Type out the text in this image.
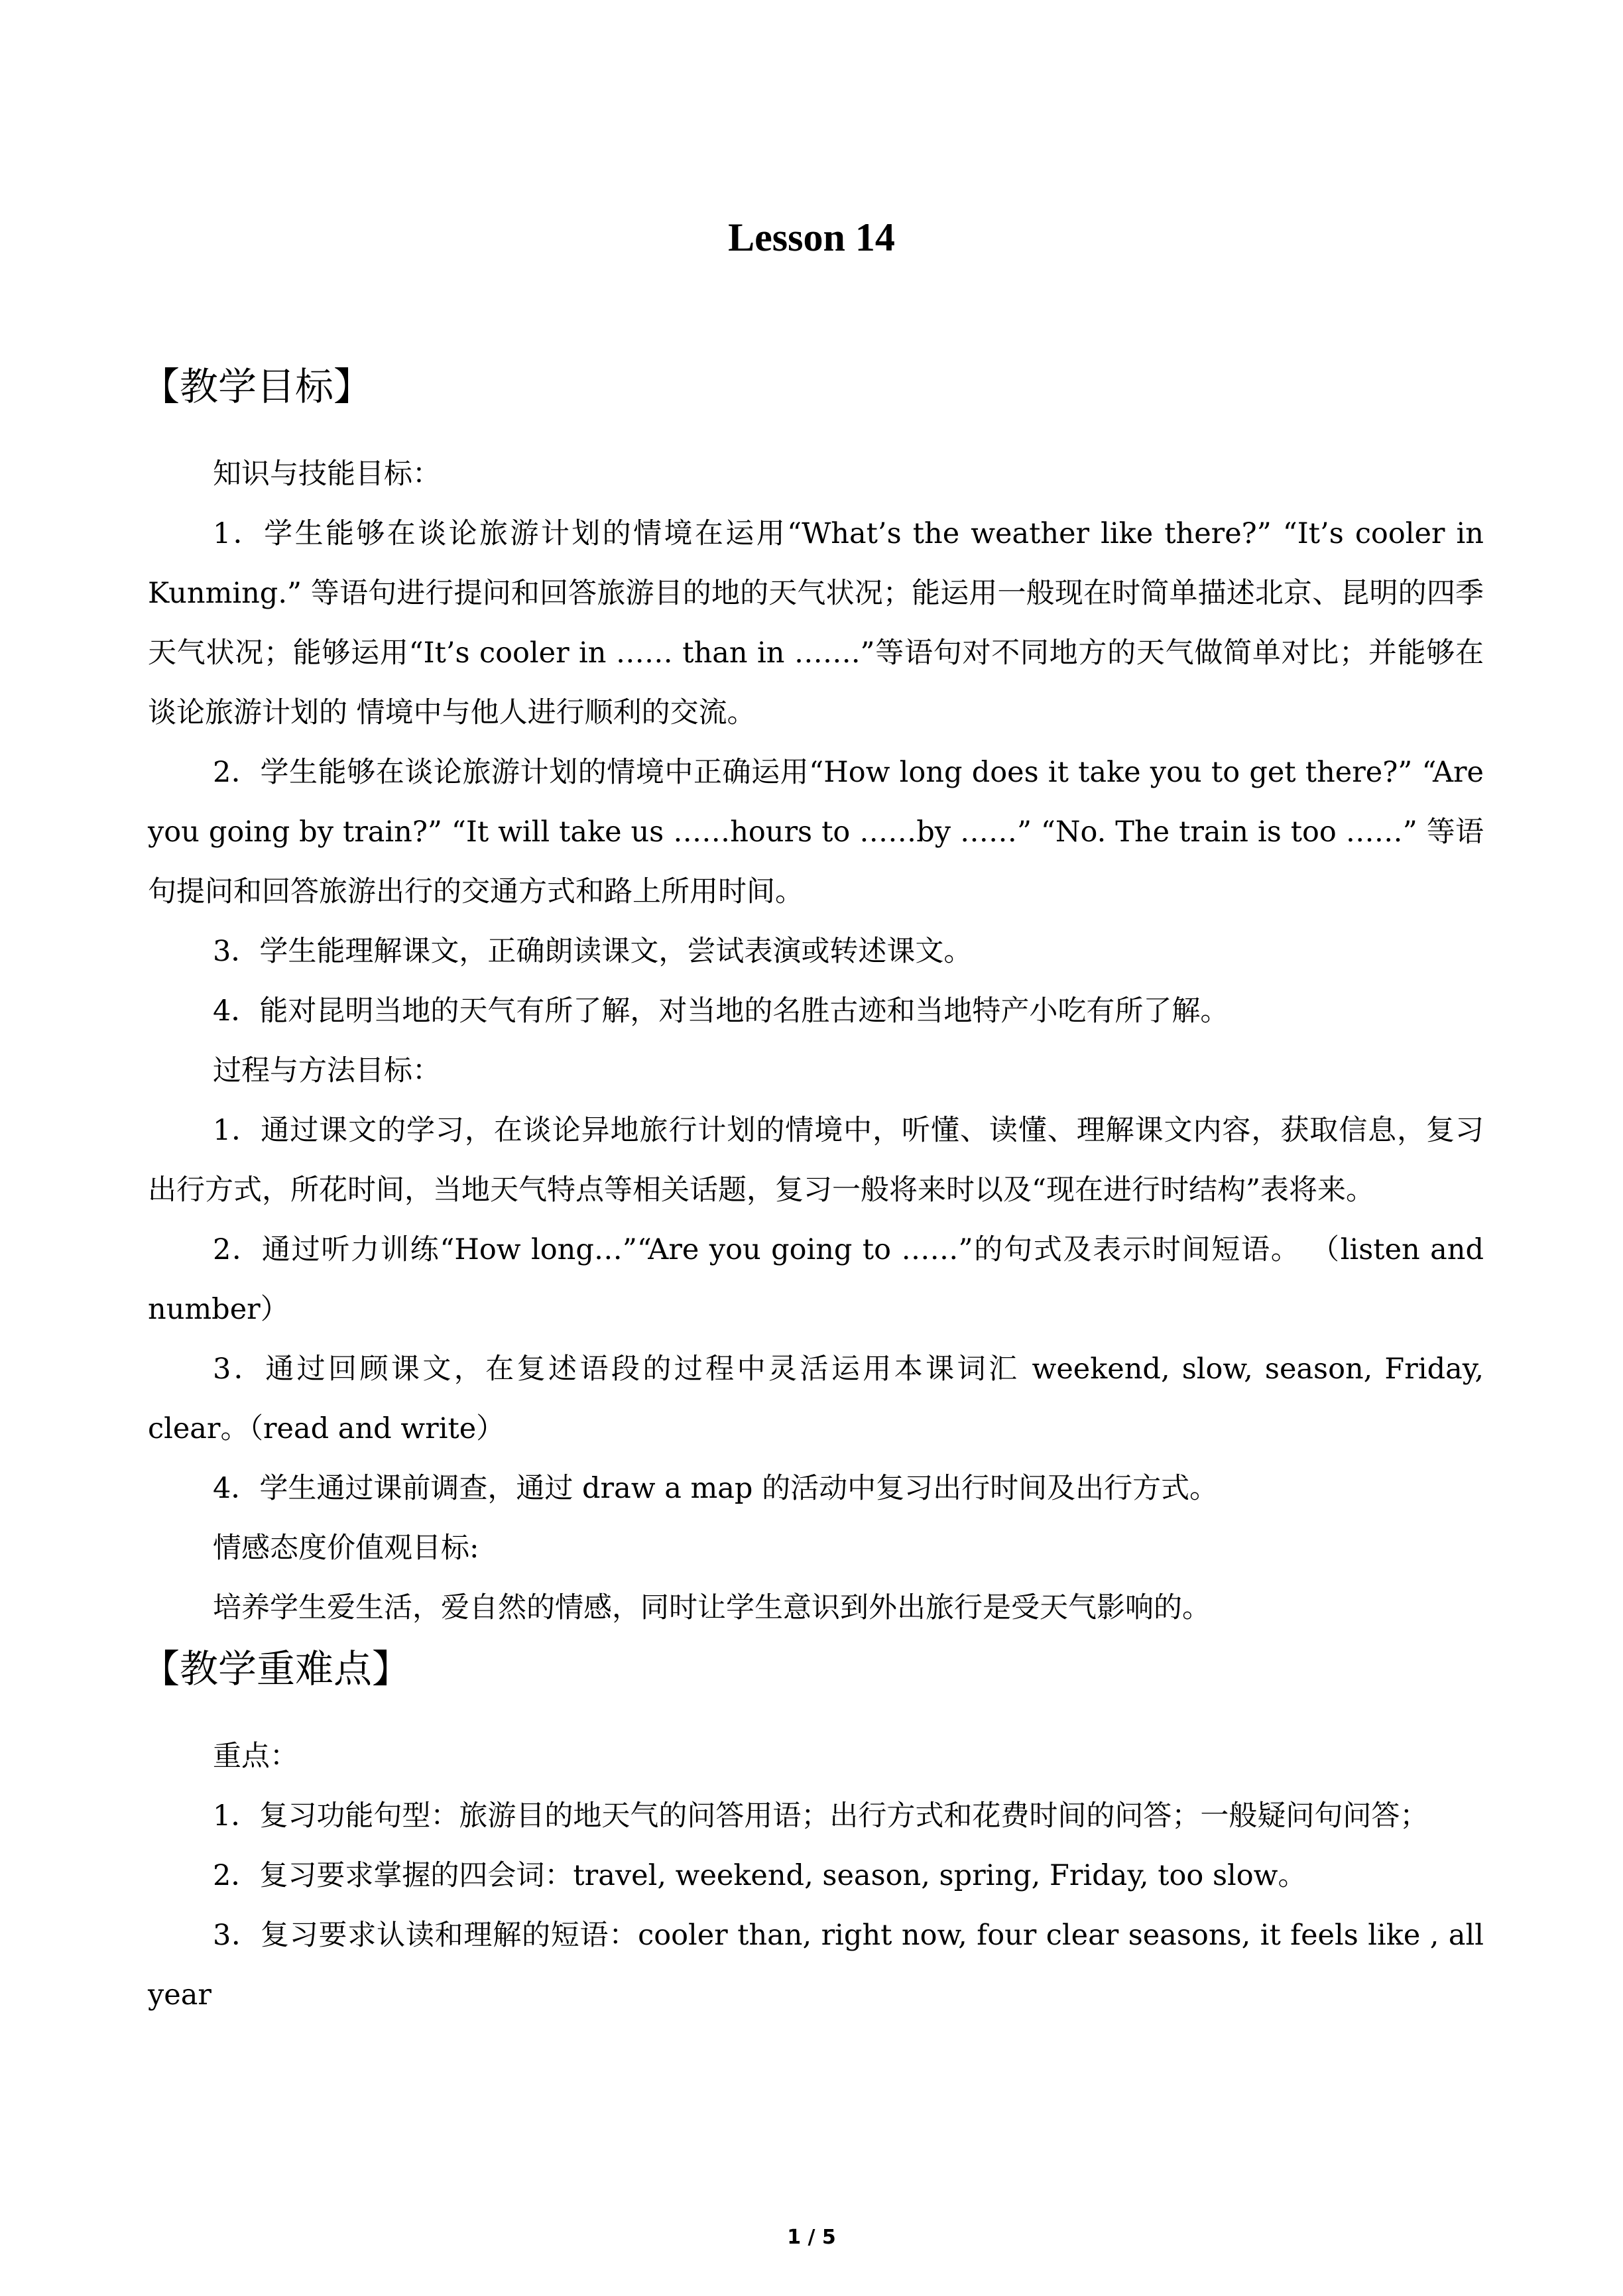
Lesson 14
【教学目标】

知识与技能目标：

1．学生能够在谈论旅游计划的情境在运用“What’s the weather like there?” “It’s cooler in Kunming.” 等语句进行提问和回答旅游目的地的天气状况；能运用一般现在时简单描述北京、昆明的四季天气状况；能够运用“It’s cooler in …… than in …….”等语句对不同地方的天气做简单对比；并能够在谈论旅游计划的 情境中与他人进行顺利的交流。

2．学生能够在谈论旅游计划的情境中正确运用“How long does it take you to get there?” “Are you going by train?” “It will take us ……hours to ……by ……” “No. The train is too ……” 等语句提问和回答旅游出行的交通方式和路上所用时间。

3．学生能理解课文，正确朗读课文，尝试表演或转述课文。

4．能对昆明当地的天气有所了解，对当地的名胜古迹和当地特产小吃有所了解。

过程与方法目标：

1．通过课文的学习，在谈论异地旅行计划的情境中，听懂、读懂、理解课文内容，获取信息，复习出行方式，所花时间，当地天气特点等相关话题，复习一般将来时以及“现在进行时结构”表将来。

2．通过听力训练“How long…”“Are you going to ……”的句式及表示时间短语。 （listen and number）

3．通过回顾课文，在复述语段的过程中灵活运用本课词汇 weekend, slow, season, Friday, clear。（read and write）

4．学生通过课前调查，通过 draw a map 的活动中复习出行时间及出行方式。

情感态度价值观目标:

培养学生爱生活，爱自然的情感，同时让学生意识到外出旅行是受天气影响的。

【教学重难点】

重点：

1．复习功能句型：旅游目的地天气的问答用语；出行方式和花费时间的问答；一般疑问句问答；

2．复习要求掌握的四会词：travel, weekend, season, spring, Friday, too slow。

3．复习要求认读和理解的短语：cooler than, right now, four clear seasons, it feels like , all year

1 / 5
